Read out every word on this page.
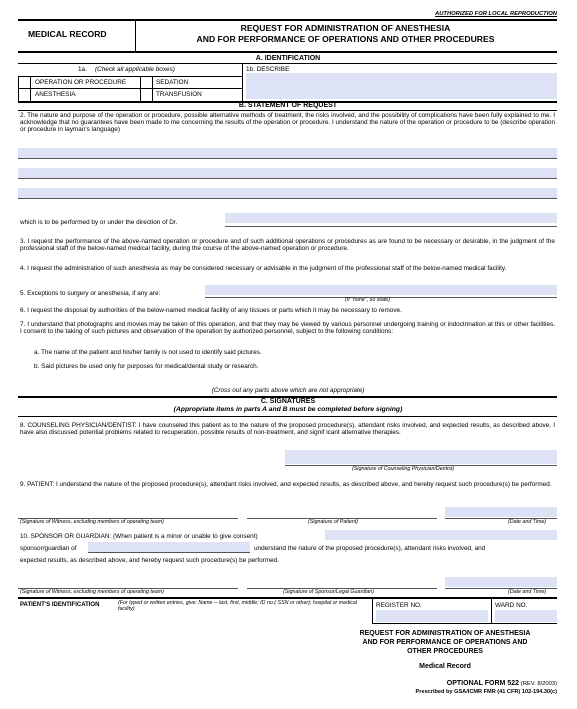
AUTHORIZED FOR LOCAL REPRODUCTION
MEDICAL RECORD
REQUEST FOR ADMINISTRATION OF ANESTHESIA
AND FOR PERFORMANCE OF OPERATIONS AND OTHER PROCEDURES
A. IDENTIFICATION
1a. (Check all applicable boxes)	1b. DESCRIBE
OPERATION OR PROCEDURE	SEDATION
ANESTHESIA	TRANSFUSION
B. STATEMENT OF REQUEST
2. The nature and purpose of the operation or procedure, possible alternative methods of treatment, the risks involved, and the possibility of complications have been fully explained to me. I acknowledge that no guarantees have been made to me concerning the results of the operation or procedure. I understand the nature of the operation or procedure to be (describe operation or procedure in layman's language)
which is to be performed by or under the direction of Dr.
3. I request the performance of the above-named operation or procedure and of such additional operations or procedures as are found to be necessary or desirable, in the judgment of the professional staff of the below-named medical facility, during the course of the above-named operation or procedure.
4. I request the administration of such anesthesia as may be considered necessary or advisable in the judgment of the professional staff of the below-named medical facility.
5. Exceptions to surgery or anesthesia, if any are:
(If "none", so state)
6. I request the disposal by authorities of the below-named medical facility of any tissues or parts which it may be necessary to remove.
7. I understand that photographs and movies may be taken of this operation, and that they may be viewed by various personnel undergoing training or indoctrination at this or other facilities. I consent to the taking of such pictures and observation of the operation by authorized personnel, subject to the following conditions:
a. The name of the patient and his/her family is not used to identify said pictures.
b. Said pictures be used only for purposes for medical/dental study or research.
(Cross out any parts above which are not appropriate)
C. SIGNATURES
(Appropriate items in parts A and B must be completed before signing)
8. COUNSELING PHYSICIAN/DENTIST: I have counseled this patient as to the nature of the proposed procedure(s), attendant risks involved, and expected results, as described above. I have also discussed potential problems related to recuperation, possible results of non-treatment, and signif icant alternative therapies.
(Signature of Counseling Physician/Dentist)
9. PATIENT: I understand the nature of the proposed procedure(s), attendant risks involved, and expected results, as described above, and hereby request such procedure(s) be performed.
(Signature of Witness, excluding members of operating team)	(Signature of Patient)	(Date and Time)
10. SPONSOR OR GUARDIAN: (When patient is a minor or unable to give consent)
sponsor/guardian of	understand the nature of the proposed procedure(s), attendant risks involved, and
expected results, as described above, and hereby request such procedure(s) be performed.
(Signature of Witness, excluding members of operating team)	(Signature of Sponsor/Legal Guardian)	(Date and Time)
PATIENT'S IDENTIFICATION	(For typed or written entries, give: Name -- last, first, middle; ID no.( SSN or other); hospital or medical facility)	REGISTER NO.	WARD NO.
REQUEST FOR ADMINISTRATION OF ANESTHESIA
AND FOR PERFORMANCE OF OPERATIONS AND
OTHER PROCEDURES
Medical Record
OPTIONAL FORM 522 (REV. 8/2003)
Prescribed by GSA/ICMR FMR (41 CFR) 102-194.30(c)
